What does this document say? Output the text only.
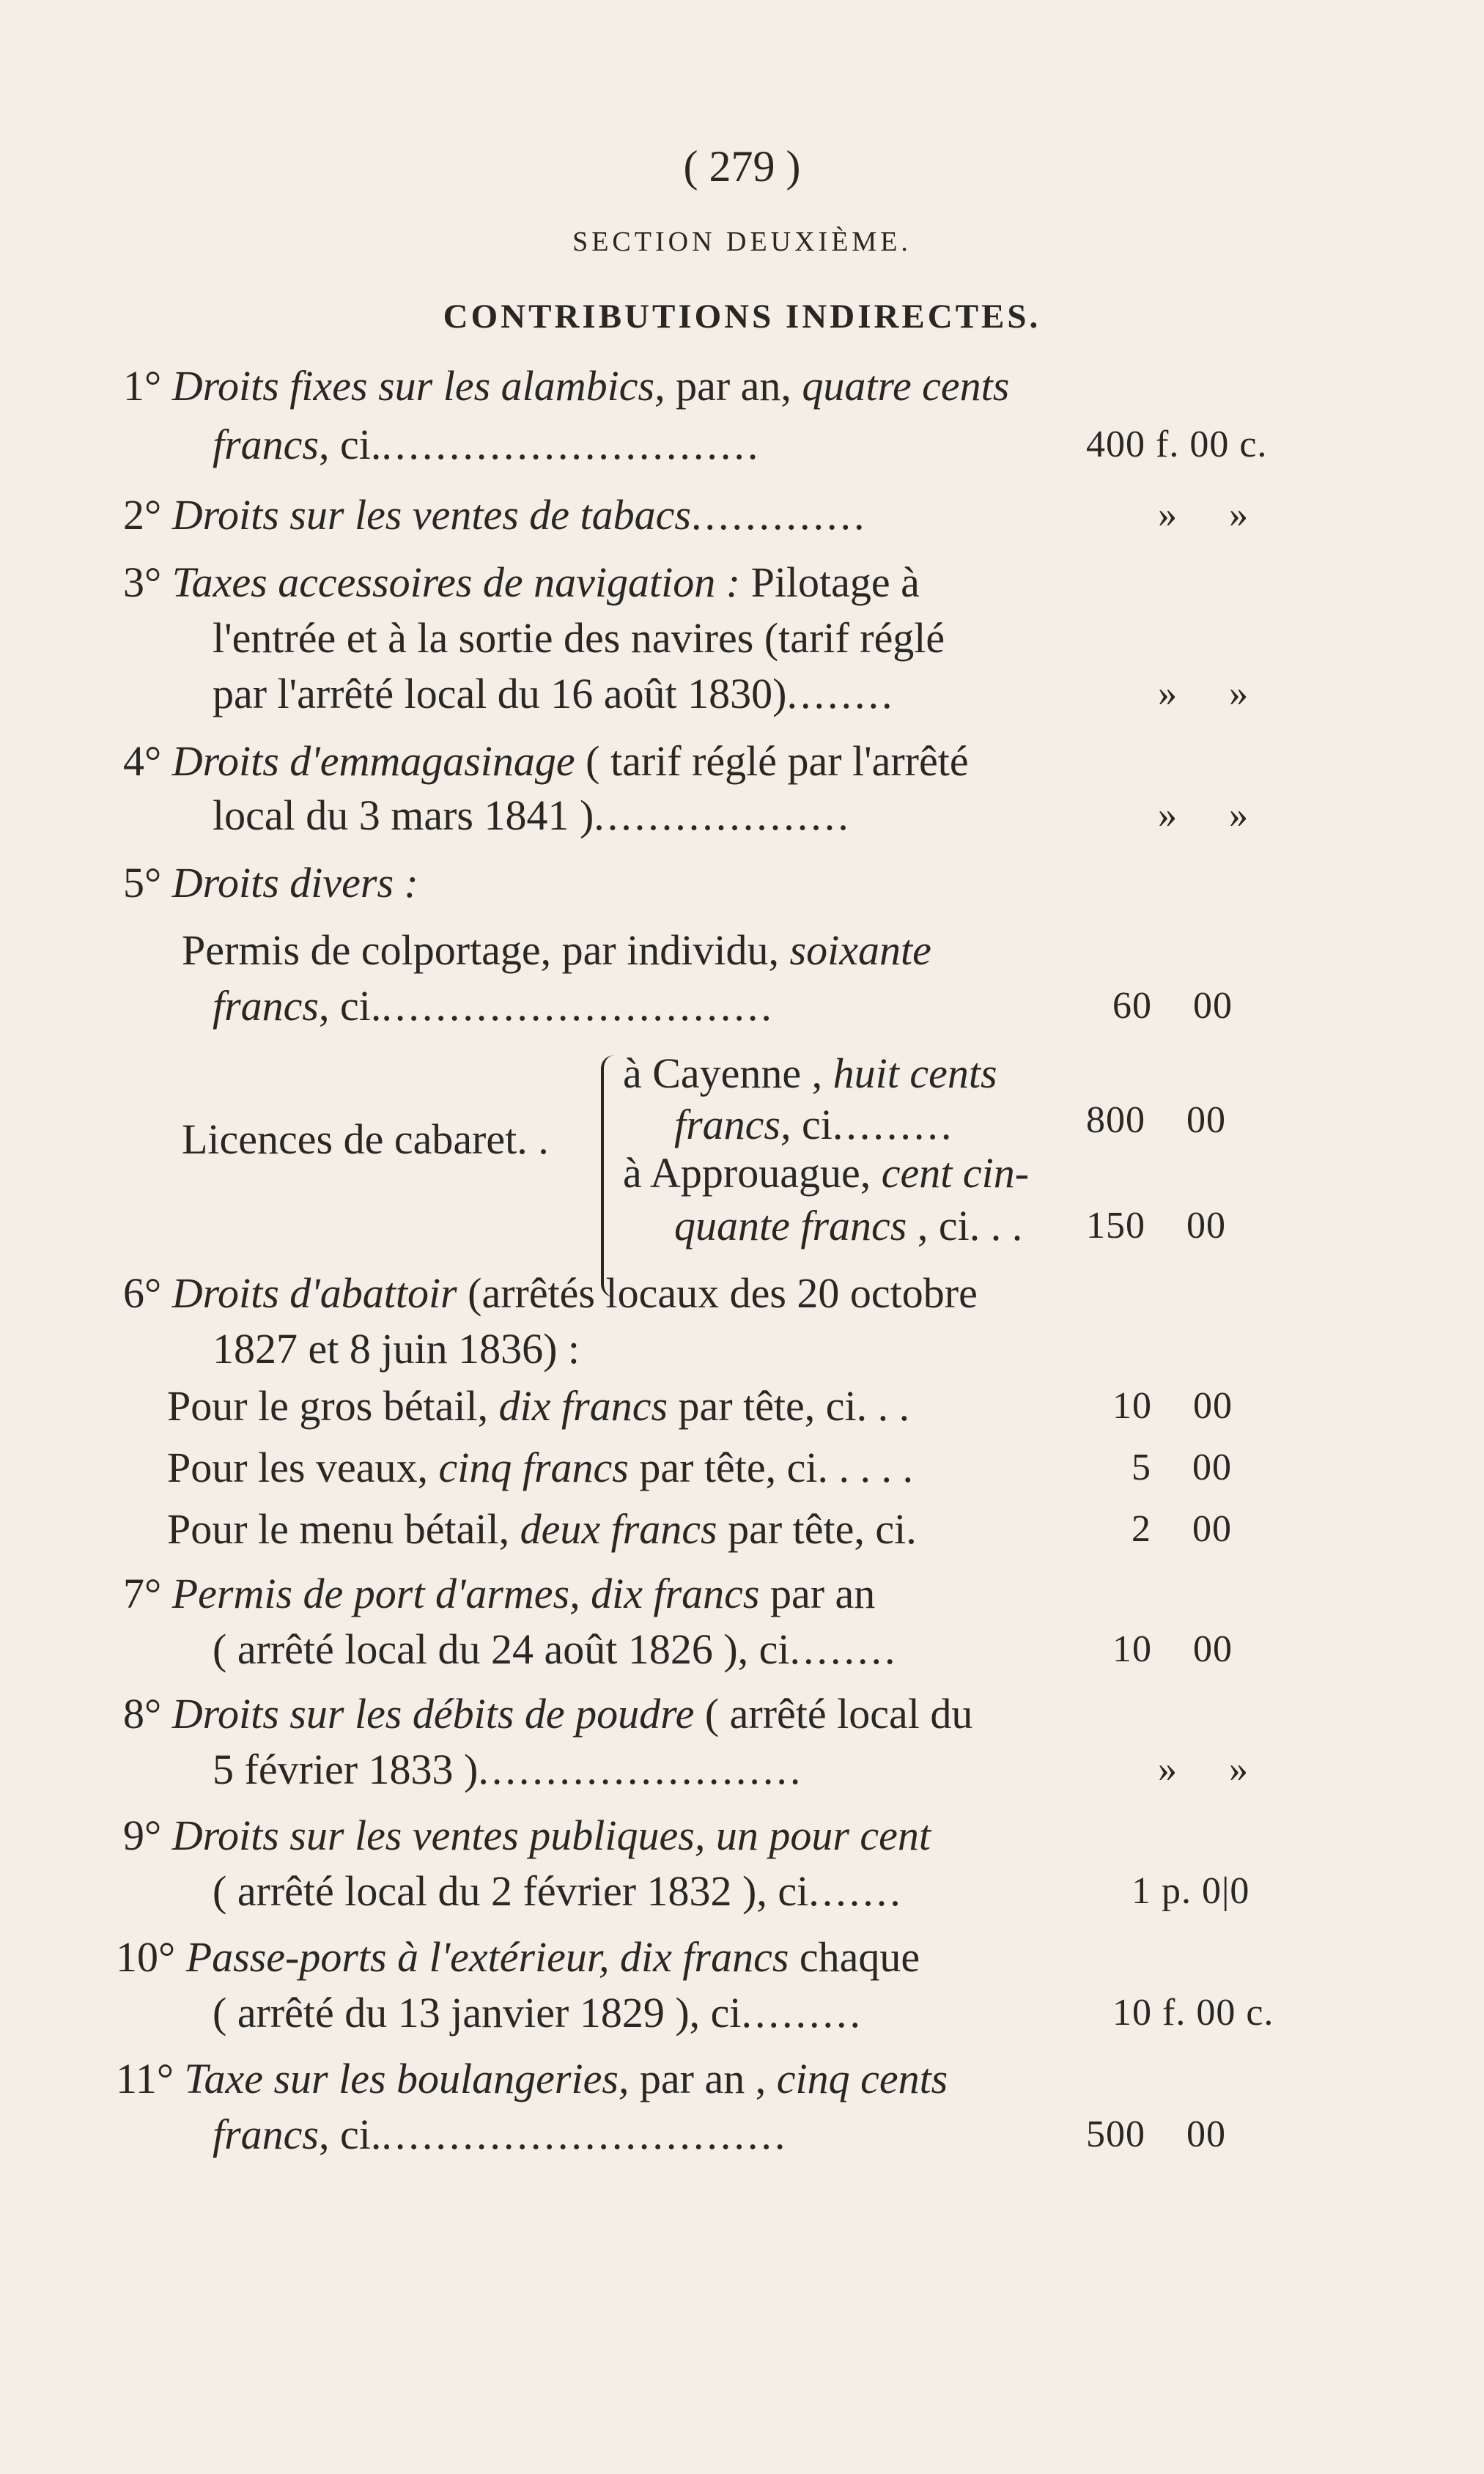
( 279 )
SECTION DEUXIÈME.
CONTRIBUTIONS INDIRECTES.
1° Droits fixes sur les alambics, par an, quatre cents
francs, ci.............................	400 f. 00 c.
2° Droits sur les ventes de tabacs.............	»     »
3° Taxes accessoires de navigation : Pilotage à
l'entrée et à la sortie des navires (tarif réglé
par l'arrêté local du 16 août 1830)........	»     »
4° Droits d'emmagasinage ( tarif réglé par l'arrêté
local du 3 mars 1841 )...................	»     »
5° Droits divers :
Permis de colportage, par individu, soixante
francs, ci..............................	60    00
Licences de cabaret. .
à Cayenne , huit cents
francs, ci.........	800    00
à Approuague, cent cin-
quante francs , ci. . . 150    00
6° Droits d'abattoir (arrêtés locaux des 20 octobre
1827 et 8 juin 1836) :
Pour le gros bétail, dix francs par tête, ci. . .	10    00
Pour les veaux, cinq francs par tête, ci. . . . .	5    00
Pour le menu bétail, deux francs par tête, ci.	2    00
7° Permis de port d'armes, dix francs par an
( arrêté local du 24 août 1826 ), ci........	10    00
8° Droits sur les débits de poudre ( arrêté local du
5 février 1833 )........................	»     »
9° Droits sur les ventes publiques, un pour cent
( arrêté local du 2 février 1832 ), ci.......	1 p. 0|0
10° Passe-ports à l'extérieur, dix francs chaque
( arrêté du 13 janvier 1829 ), ci.........	10 f. 00 c.
11° Taxe sur les boulangeries, par an , cinq cents
francs, ci...............................	500    00
